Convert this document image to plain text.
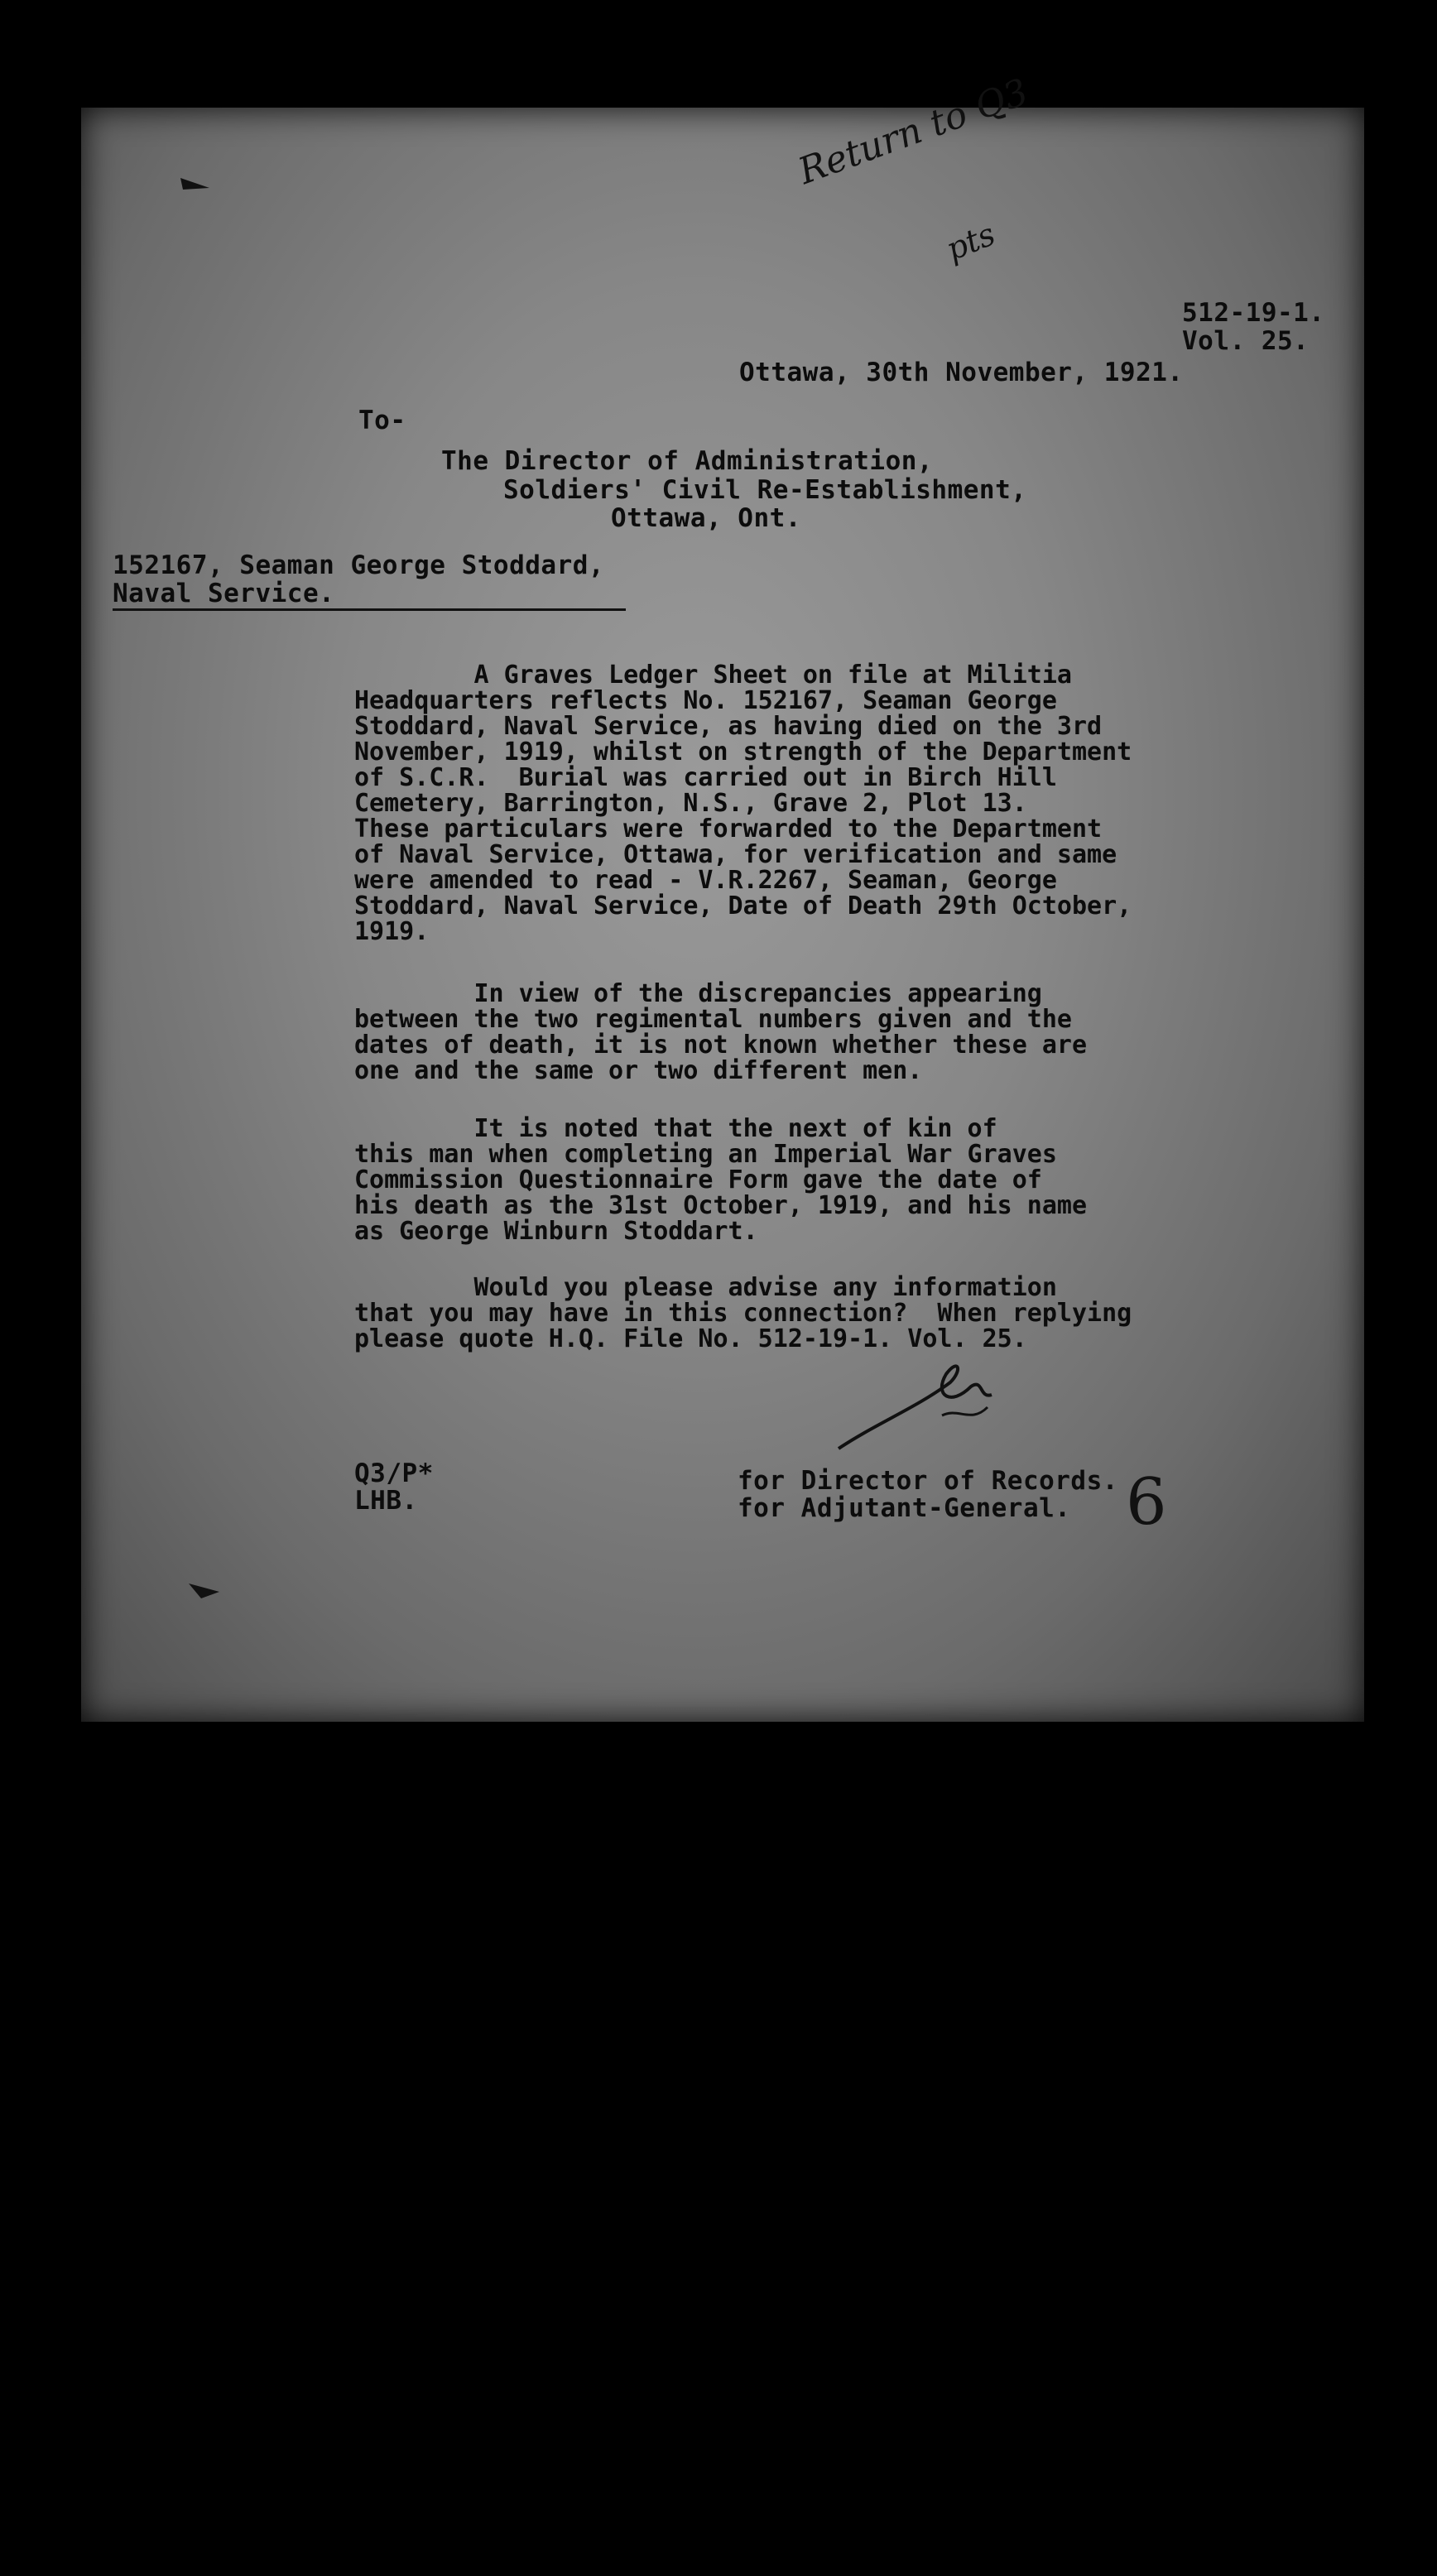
512-19-1.
Vol. 25.
Ottawa, 30th November, 1921.
To-
The Director of Administration,
Soldiers' Civil Re-Establishment,
Ottawa, Ont.
152167, Seaman George Stoddard,
Naval Service.
A Graves Ledger Sheet on file at Militia
Headquarters reflects No. 152167, Seaman George
Stoddard, Naval Service, as having died on the 3rd
November, 1919, whilst on strength of the Department
of S.C.R.  Burial was carried out in Birch Hill
Cemetery, Barrington, N.S., Grave 2, Plot 13.
These particulars were forwarded to the Department
of Naval Service, Ottawa, for verification and same
were amended to read - V.R.2267, Seaman, George
Stoddard, Naval Service, Date of Death 29th October,
1919.
In view of the discrepancies appearing
between the two regimental numbers given and the
dates of death, it is not known whether these are
one and the same or two different men.
It is noted that the next of kin of
this man when completing an Imperial War Graves
Commission Questionnaire Form gave the date of
his death as the 31st October, 1919, and his name
as George Winburn Stoddart.
Would you please advise any information
that you may have in this connection?  When replying
please quote H.Q. File No. 512-19-1. Vol. 25.
Q3/P*
LHB.
for Director of Records.
for Adjutant-General.
Return to Q3
pts
6
